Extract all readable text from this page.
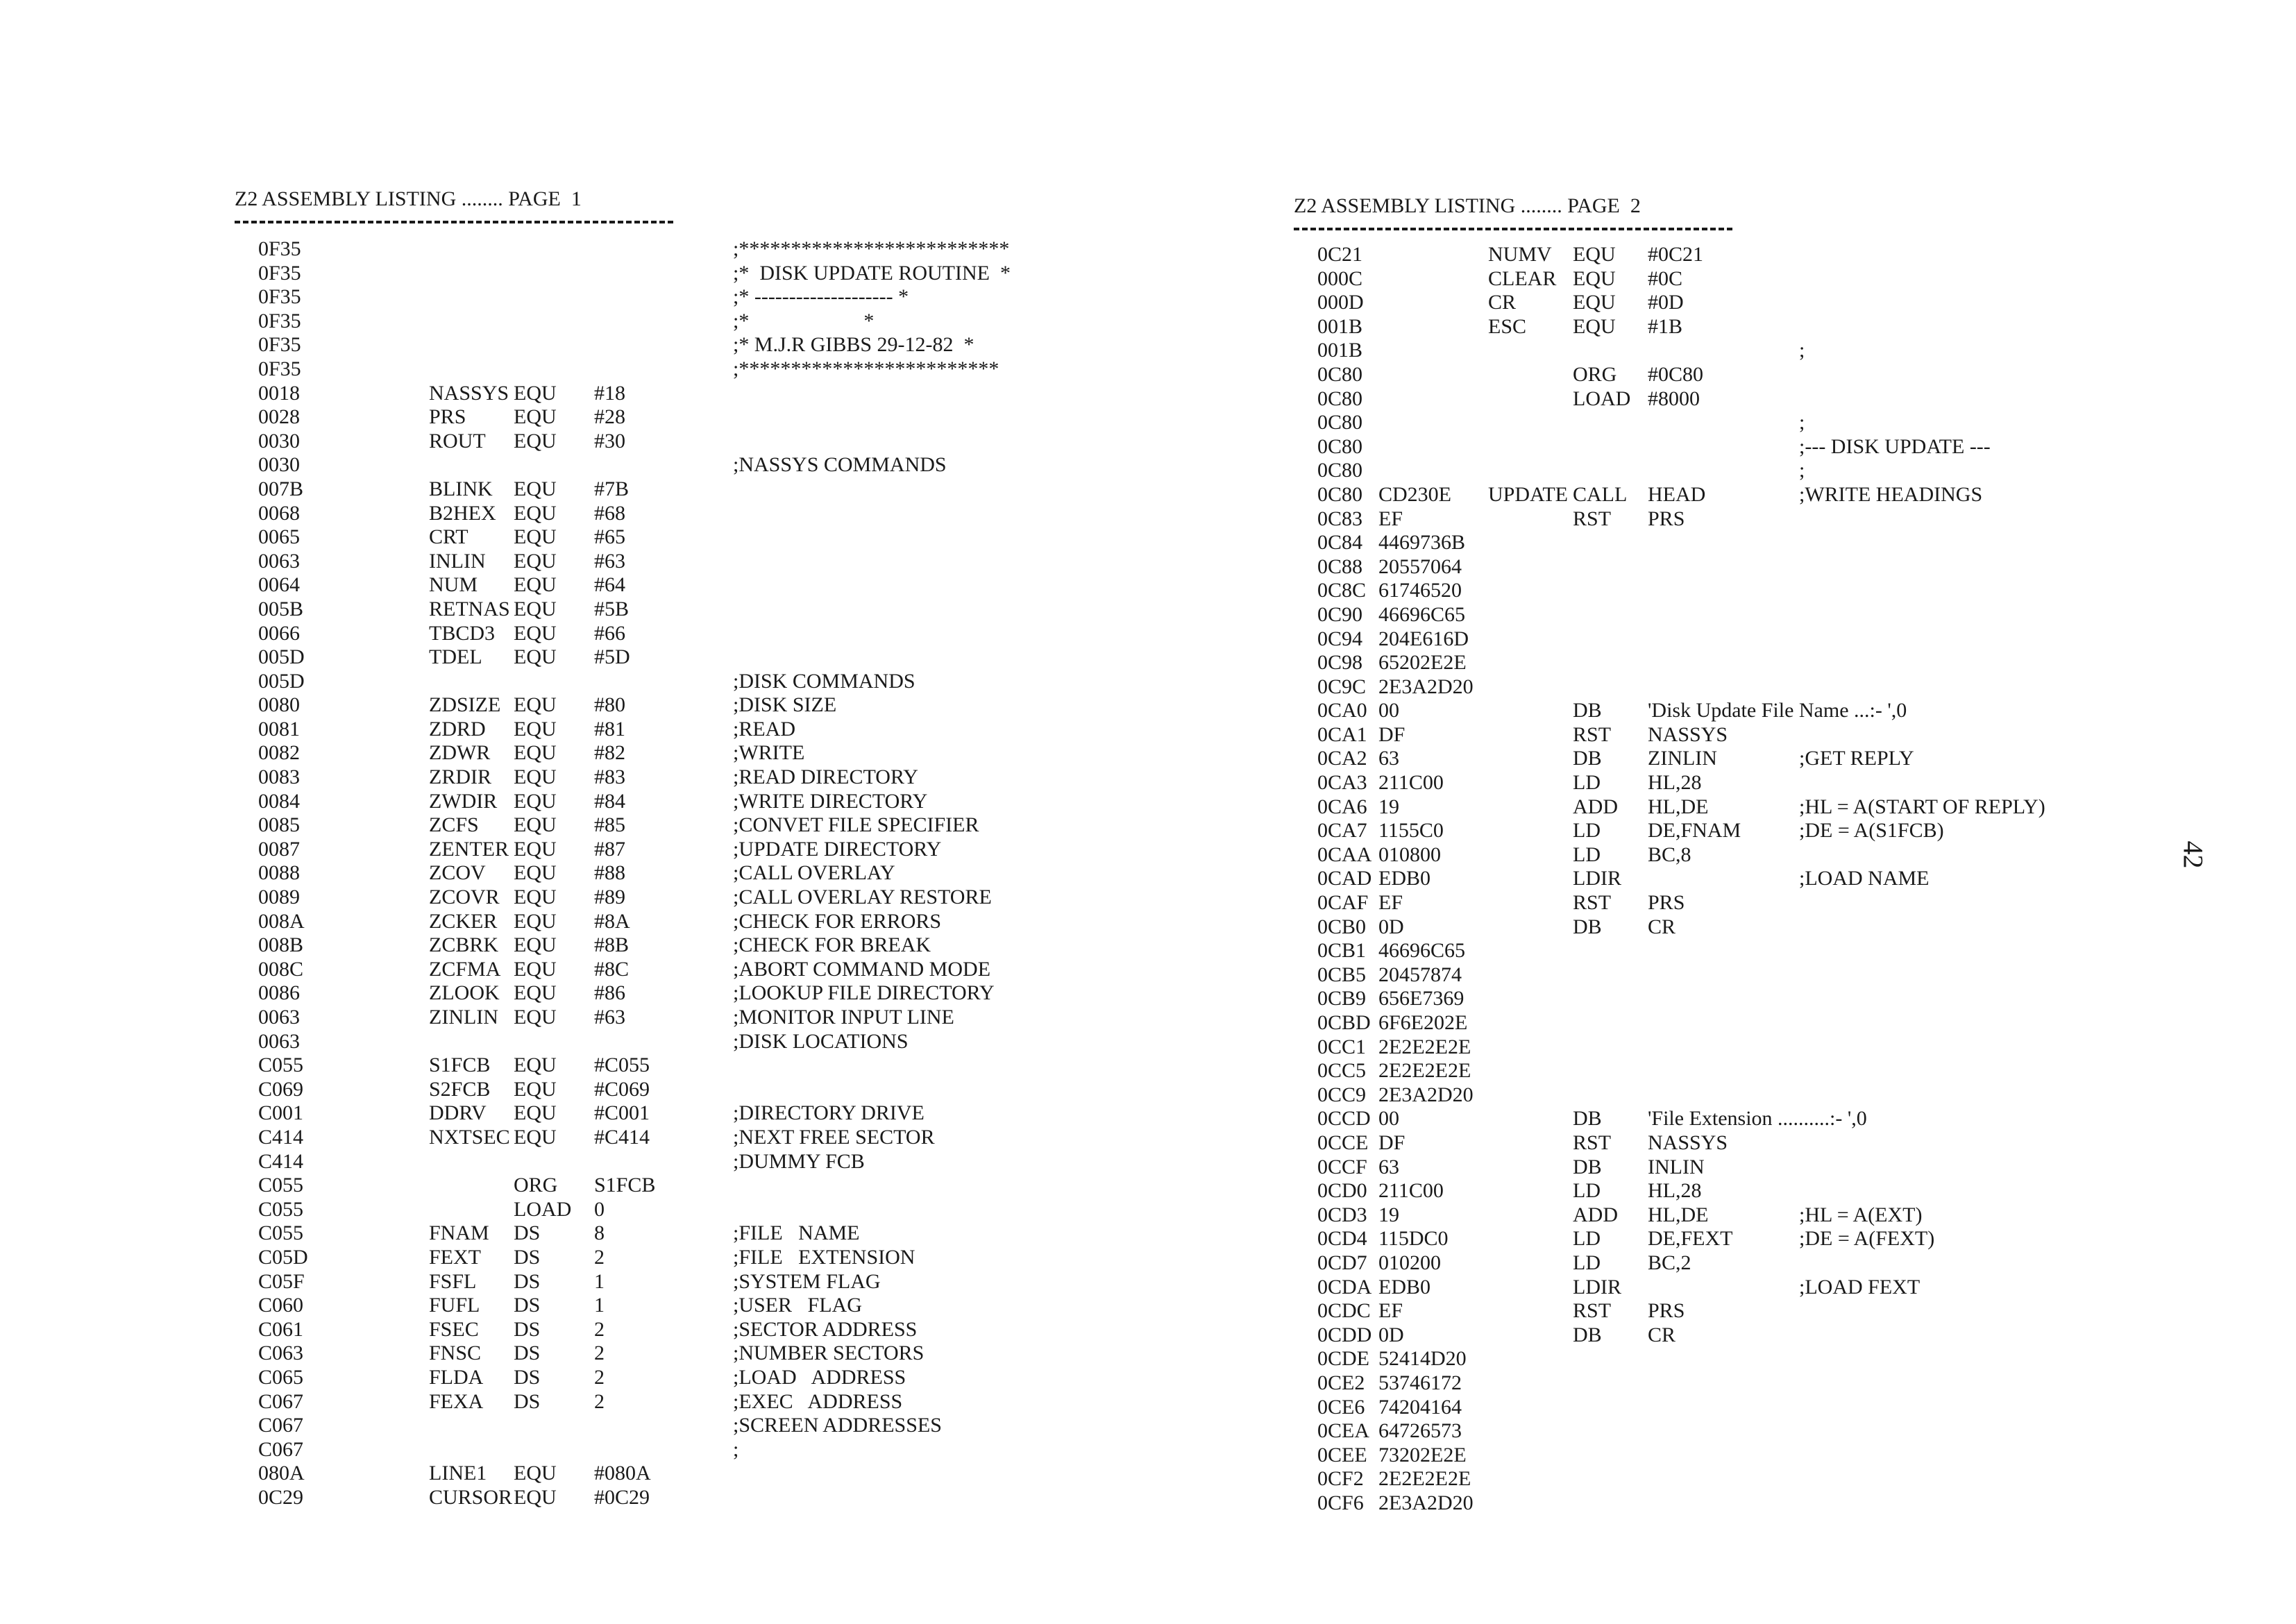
Z2 ASSEMBLY LISTING ........ PAGE  1
0F35	;**************************
0F35	;*  DISK UPDATE ROUTINE  *
0F35	;* -------------------- *
0F35	;*                      *
0F35	;* M.J.R GIBBS 29-12-82  *
0F35	;*************************
0018	NASSYS EQU #18
0028	PRS EQU #28
0030	ROUT EQU #30
0030	;NASSYS COMMANDS
007B	BLINK EQU #7B
0068	B2HEX EQU #68
0065	CRT EQU #65
0063	INLIN EQU #63
0064	NUM EQU #64
005B	RETNAS EQU #5B
0066	TBCD3 EQU #66
005D	TDEL EQU #5D
005D	;DISK COMMANDS
0080	ZDSIZE EQU #80	;DISK SIZE
0081	ZDRD EQU #81	;READ
0082	ZDWR EQU #82	;WRITE
0083	ZRDIR EQU #83	;READ DIRECTORY
0084	ZWDIR EQU #84	;WRITE DIRECTORY
0085	ZCFS EQU #85	;CONVET FILE SPECIFIER
0087	ZENTER EQU #87	;UPDATE DIRECTORY
0088	ZCOV EQU #88	;CALL OVERLAY
0089	ZCOVR EQU #89	;CALL OVERLAY RESTORE
008A	ZCKER EQU #8A	;CHECK FOR ERRORS
008B	ZCBRK EQU #8B	;CHECK FOR BREAK
008C	ZCFMA EQU #8C	;ABORT COMMAND MODE
0086	ZLOOK EQU #86	;LOOKUP FILE DIRECTORY
0063	ZINLIN EQU #63	;MONITOR INPUT LINE
0063	;DISK LOCATIONS
C055	S1FCB EQU #C055
C069	S2FCB EQU #C069
C001	DDRV EQU #C001	;DIRECTORY DRIVE
C414	NXTSEC EQU #C414	;NEXT FREE SECTOR
C414	;DUMMY FCB
C055	ORG S1FCB
C055	LOAD 0
C055	FNAM DS	8	;FILE   NAME
C05D	FEXT DS	2	;FILE   EXTENSION
C05F	FSFL DS	1	;SYSTEM FLAG
C060	FUFL DS	1	;USER   FLAG
C061	FSEC DS	2	;SECTOR ADDRESS
C063	FNSC DS	2	;NUMBER SECTORS
C065	FLDA DS	2	;LOAD   ADDRESS
C067	FEXA DS	2	;EXEC   ADDRESS
C067	;SCREEN ADDRESSES
C067	;
080A	LINE1 EQU #080A
0C29	CURSOR EQU #0C29
Z2 ASSEMBLY LISTING ........ PAGE  2
0C21	NUMV EQU #0C21
000C	CLEAR EQU #0C
000D	CR	EQU #0D
001B	ESC EQU #1B
001B	;
0C80	ORG #0C80
0C80	LOAD #8000
0C80	;
0C80	;--- DISK UPDATE ---
0C80	;
0C80 CD230E UPDATE CALL HEAD	;WRITE HEADINGS
0C83 EF	RST PRS
0C84 4469736B
0C88 20557064
0C8C 61746520
0C90 46696C65
0C94 204E616D
0C98 65202E2E
0C9C 2E3A2D20
0CA0 00	DB 'Disk Update File Name ...:- ',0
0CA1 DF	RST NASSYS
0CA2 63	DB ZINLIN	;GET REPLY
0CA3 211C00	LD HL,28
0CA6 19	ADD HL,DE	;HL = A(START OF REPLY)
0CA7 1155C0	LD DE,FNAM	;DE = A(S1FCB)
0CAA 010800	LD BC,8
0CAD EDB0	LDIR	;LOAD NAME
0CAF EF	RST PRS
0CB0 0D	DB CR
0CB1 46696C65
0CB5 20457874
0CB9 656E7369
0CBD 6F6E202E
0CC1 2E2E2E2E
0CC5 2E2E2E2E
0CC9 2E3A2D20
0CCD 00	DB 'File Extension ..........:- ',0
0CCE DF	RST NASSYS
0CCF 63	DB INLIN
0CD0 211C00	LD HL,28
0CD3 19	ADD HL,DE	;HL = A(EXT)
0CD4 115DC0	LD DE,FEXT	;DE = A(FEXT)
0CD7 010200	LD BC,2
0CDA EDB0	LDIR	;LOAD FEXT
0CDC EF	RST PRS
0CDD 0D	DB CR
0CDE 52414D20
0CE2 53746172
0CE6 74204164
0CEA 64726573
0CEE 73202E2E
0CF2 2E2E2E2E
0CF6 2E3A2D20
42
